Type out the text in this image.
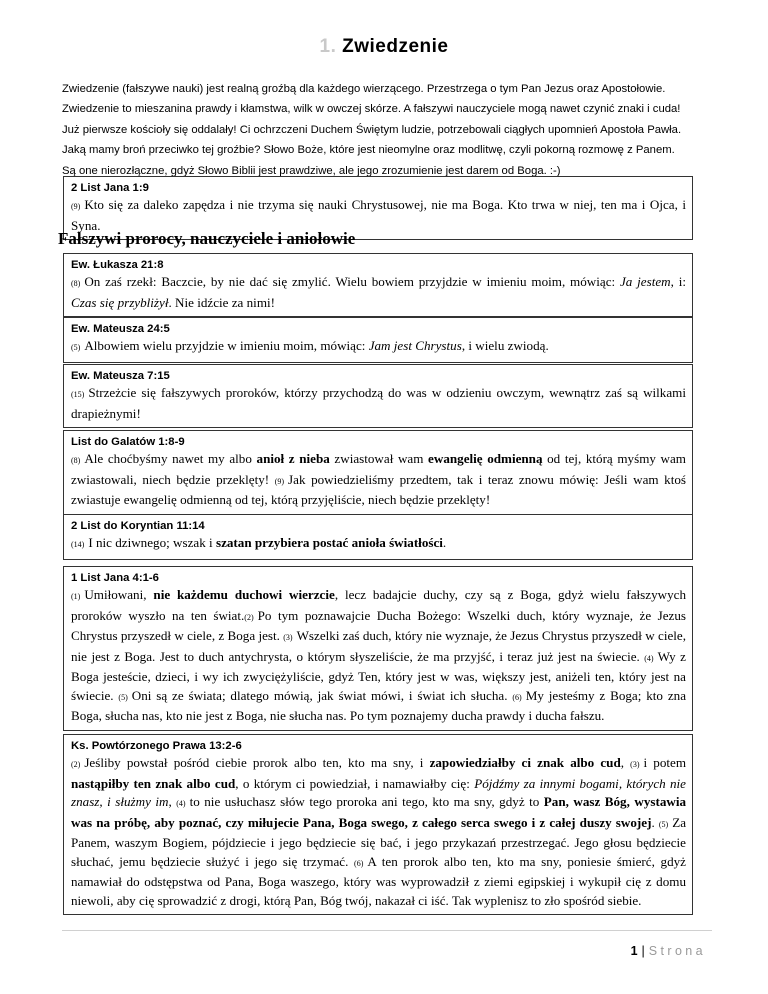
1. Zwiedzenie

Zwiedzenie (fałszywe nauki) jest realną groźbą dla każdego wierzącego. Przestrzega o tym Pan Jezus oraz Apostołowie.

Zwiedzenie to mieszanina prawdy i kłamstwa, wilk w owczej skórze. A fałszywi nauczyciele mogą nawet czynić znaki i cuda!

Już pierwsze kościoły się oddalały! Ci ochrzczeni Duchem Świętym ludzie, potrzebowali ciągłych upomnień Apostoła Pawła.

Jaką mamy broń przeciwko tej groźbie? Słowo Boże, które jest nieomylne oraz modlitwę, czyli pokorną rozmowę z Panem.

Są one nierozłączne, gdyż Słowo Biblii jest prawdziwe, ale jego zrozumienie jest darem od Boga. :-)

2 List Jana 1:9
(9) Kto się za daleko zapędza i nie trzyma się nauki Chrystusowej, nie ma Boga. Kto trwa w niej, ten ma i Ojca, i Syna.
Fałszywi prorocy, nauczyciele i aniołowie
Ew. Łukasza 21:8
(8) On zaś rzekł: Baczcie, by nie dać się zmylić. Wielu bowiem przyjdzie w imieniu moim, mówiąc: Ja jestem, i: Czas się przybliżył. Nie idźcie za nimi!
Ew. Mateusza 24:5
(5) Albowiem wielu przyjdzie w imieniu moim, mówiąc: Jam jest Chrystus, i wielu zwiodą.
Ew. Mateusza 7:15
(15) Strzeżcie się fałszywych proroków, którzy przychodzą do was w odzieniu owczym, wewnątrz zaś są wilkami drapieżnymi!
List do Galatów 1:8-9
(8) Ale choćbyśmy nawet my albo anioł z nieba zwiastował wam ewangelię odmienną od tej, którą myśmy wam zwiastowali, niech będzie przeklęty! (9) Jak powiedzieliśmy przedtem, tak i teraz znowu mówię: Jeśli wam ktoś zwiastuje ewangelię odmienną od tej, którą przyjęliście, niech będzie przeklęty!
2 List do Koryntian 11:14
(14) I nic dziwnego; wszak i szatan przybiera postać anioła światłości.
1 List Jana 4:1-6
(1) Umiłowani, nie każdemu duchowi wierzcie, lecz badajcie duchy, czy są z Boga, gdyż wielu fałszywych proroków wyszło na ten świat.(2) Po tym poznawajcie Ducha Bożego: Wszelki duch, który wyznaje, że Jezus Chrystus przyszedł w ciele, z Boga jest. (3) Wszelki zaś duch, który nie wyznaje, że Jezus Chrystus przyszedł w ciele, nie jest z Boga. Jest to duch antychrysta, o którym słyszeliście, że ma przyjść, i teraz już jest na świecie. (4) Wy z Boga jesteście, dzieci, i wy ich zwyciężyliście, gdyż Ten, który jest w was, większy jest, aniżeli ten, który jest na świecie. (5) Oni są ze świata; dlatego mówią, jak świat mówi, i świat ich słucha. (6) My jesteśmy z Boga; kto zna Boga, słucha nas, kto nie jest z Boga, nie słucha nas. Po tym poznajemy ducha prawdy i ducha fałszu.
Ks. Powtórzonego Prawa 13:2-6
(2) Jeśliby powstał pośród ciebie prorok albo ten, kto ma sny, i zapowiedziałby ci znak albo cud, (3) i potem nastąpiłby ten znak albo cud, o którym ci powiedział, i namawiałby cię: Pójdźmy za innymi bogami, których nie znasz, i służmy im, (4) to nie usłuchasz słów tego proroka ani tego, kto ma sny, gdyż to Pan, wasz Bóg, wystawia was na próbę, aby poznać, czy miłujecie Pana, Boga swego, z całego serca swego i z całej duszy swojej. (5) Za Panem, waszym Bogiem, pójdziecie i jego będziecie się bać, i jego przykazań przestrzegać. Jego głosu będziecie słuchać, jemu będziecie służyć i jego się trzymać. (6) A ten prorok albo ten, kto ma sny, poniesie śmierć, gdyż namawiał do odstępstwa od Pana, Boga waszego, który was wyprowadził z ziemi egipskiej i wykupił cię z domu niewoli, aby cię sprowadzić z drogi, którą Pan, Bóg twój, nakazał ci iść. Tak wyplenisz to zło spośród siebie.
1 | Strona
